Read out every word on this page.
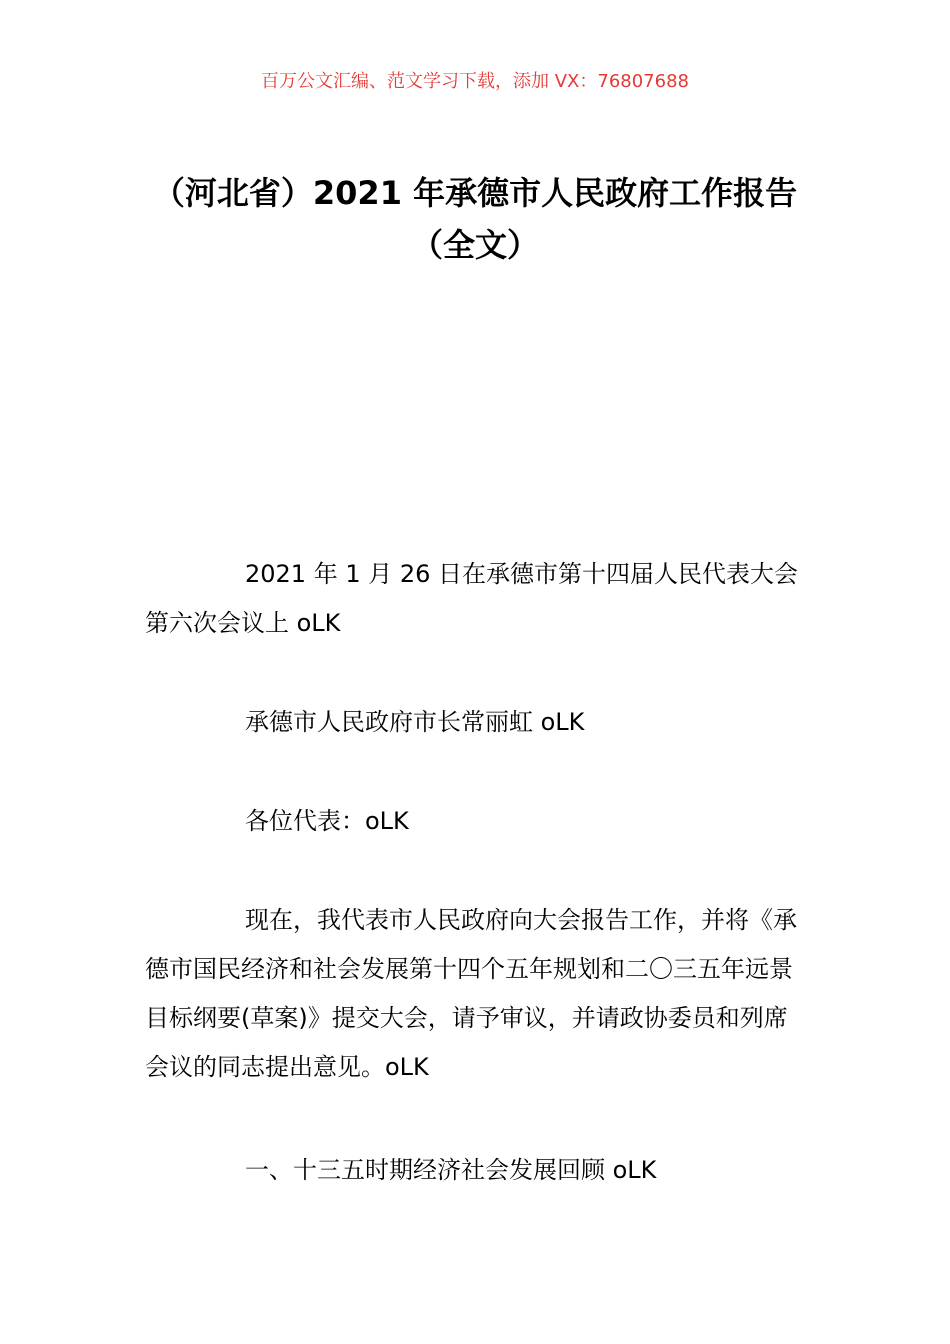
百万公文汇编、范文学习下载，添加 VX：76807688
（河北省）2021 年承德市人民政府工作报告（全文）

2021 年 1 月 26 日在承德市第十四届人民代表大会第六次会议上 oLK

承德市人民政府市长常丽虹 oLK

各位代表：oLK

现在，我代表市人民政府向大会报告工作，并将《承德市国民经济和社会发展第十四个五年规划和二〇三五年远景目标纲要(草案)》提交大会，请予审议，并请政协委员和列席会议的同志提出意见。oLK

一、十三五时期经济社会发展回顾 oLK
